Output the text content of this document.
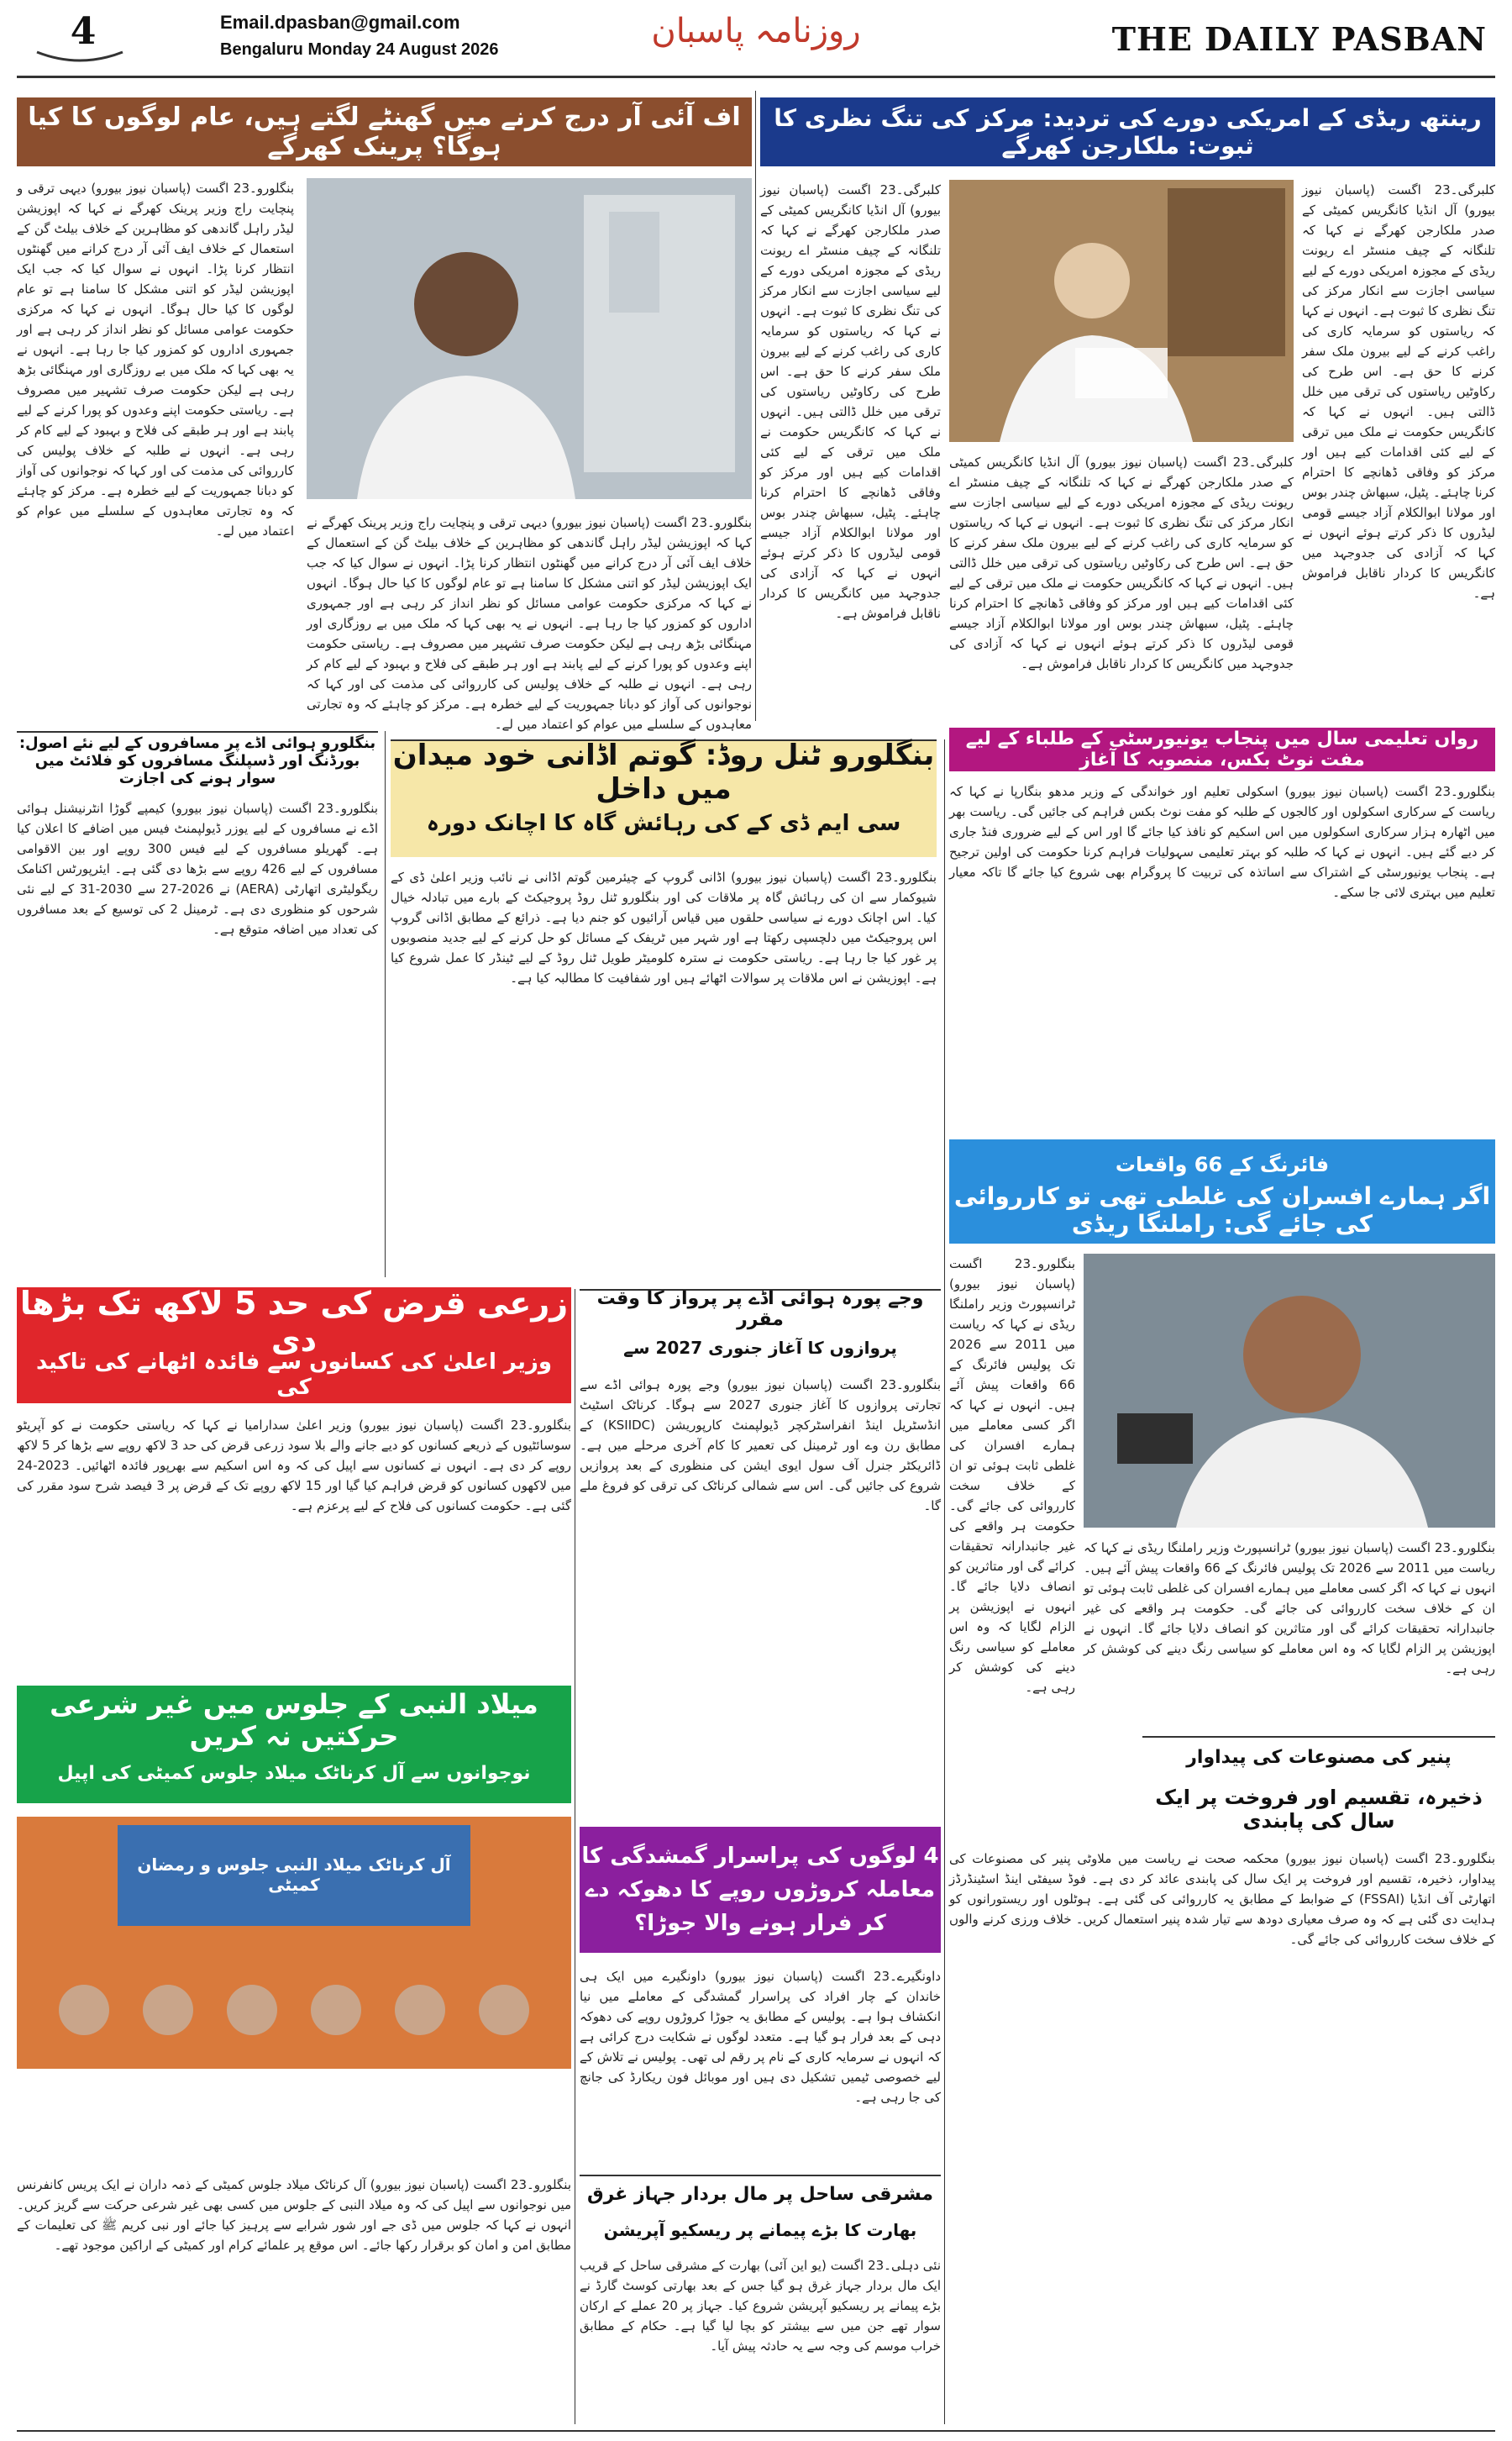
4	Email.dpasban@gmail.com
Bengaluru Monday 24 August 2026	روزنامہ پاسبان	THE DAILY PASBAN
اف آئی آر درج کرنے میں گھنٹے لگتے ہیں، عام لوگوں کا کیا ہوگا؟ پرینک کھرگے
بنگلورو۔23 اگست (پاسبان نیوز بیورو) دیہی ترقی و پنچایت راج وزیر پرینک کھرگے نے کہا کہ اپوزیشن لیڈر راہل گاندھی کو مظاہرین کے خلاف بیلٹ گن کے استعمال کے خلاف ایف آئی آر درج کرانے میں گھنٹوں انتظار کرنا پڑا۔ انہوں نے سوال کیا کہ جب ایک اپوزیشن لیڈر کو اتنی مشکل کا سامنا ہے تو عام لوگوں کا کیا حال ہوگا۔ انہوں نے کہا کہ مرکزی حکومت عوامی مسائل کو نظر انداز کر رہی ہے اور جمہوری اداروں کو کمزور کیا جا رہا ہے۔ انہوں نے یہ بھی کہا کہ ملک میں بے روزگاری اور مہنگائی بڑھ رہی ہے لیکن حکومت صرف تشہیر میں مصروف ہے۔ ریاستی حکومت اپنے وعدوں کو پورا کرنے کے لیے پابند ہے اور ہر طبقے کی فلاح و بہبود کے لیے کام کر رہی ہے۔ انہوں نے طلبہ کے خلاف پولیس کی کارروائی کی مذمت کی اور کہا کہ نوجوانوں کی آواز کو دبانا جمہوریت کے لیے خطرہ ہے۔ مرکز کو چاہئے کہ وہ تجارتی معاہدوں کے سلسلے میں عوام کو اعتماد میں لے۔
بنگلورو۔23 اگست (پاسبان نیوز بیورو) دیہی ترقی و پنچایت راج وزیر پرینک کھرگے نے کہا کہ اپوزیشن لیڈر راہل گاندھی کو مظاہرین کے خلاف بیلٹ گن کے استعمال کے خلاف ایف آئی آر درج کرانے میں گھنٹوں انتظار کرنا پڑا۔ انہوں نے سوال کیا کہ جب ایک اپوزیشن لیڈر کو اتنی مشکل کا سامنا ہے تو عام لوگوں کا کیا حال ہوگا۔ انہوں نے کہا کہ مرکزی حکومت عوامی مسائل کو نظر انداز کر رہی ہے اور جمہوری اداروں کو کمزور کیا جا رہا ہے۔ انہوں نے یہ بھی کہا کہ ملک میں بے روزگاری اور مہنگائی بڑھ رہی ہے لیکن حکومت صرف تشہیر میں مصروف ہے۔ ریاستی حکومت اپنے وعدوں کو پورا کرنے کے لیے پابند ہے اور ہر طبقے کی فلاح و بہبود کے لیے کام کر رہی ہے۔ انہوں نے طلبہ کے خلاف پولیس کی کارروائی کی مذمت کی اور کہا کہ نوجوانوں کی آواز کو دبانا جمہوریت کے لیے خطرہ ہے۔ مرکز کو چاہئے کہ وہ تجارتی معاہدوں کے سلسلے میں عوام کو اعتماد میں لے۔
رینتھ ریڈی کے امریکی دورے کی تردید: مرکز کی تنگ نظری کا ثبوت: ملکارجن کھرگے
کلبرگی۔23 اگست (پاسبان نیوز بیورو) آل انڈیا کانگریس کمیٹی کے صدر ملکارجن کھرگے نے کہا کہ تلنگانہ کے چیف منسٹر اے ریونت ریڈی کے مجوزہ امریکی دورے کے لیے سیاسی اجازت سے انکار مرکز کی تنگ نظری کا ثبوت ہے۔ انہوں نے کہا کہ ریاستوں کو سرمایہ کاری کی راغب کرنے کے لیے بیرون ملک سفر کرنے کا حق ہے۔ اس طرح کی رکاوٹیں ریاستوں کی ترقی میں خلل ڈالتی ہیں۔ انہوں نے کہا کہ کانگریس حکومت نے ملک میں ترقی کے لیے کئی اقدامات کیے ہیں اور مرکز کو وفاقی ڈھانچے کا احترام کرنا چاہئے۔ پٹیل، سبھاش چندر بوس اور مولانا ابوالکلام آزاد جیسے قومی لیڈروں کا ذکر کرتے ہوئے انہوں نے کہا کہ آزادی کی جدوجہد میں کانگریس کا کردار ناقابل فراموش ہے۔
کلبرگی۔23 اگست (پاسبان نیوز بیورو) آل انڈیا کانگریس کمیٹی کے صدر ملکارجن کھرگے نے کہا کہ تلنگانہ کے چیف منسٹر اے ریونت ریڈی کے مجوزہ امریکی دورے کے لیے سیاسی اجازت سے انکار مرکز کی تنگ نظری کا ثبوت ہے۔ انہوں نے کہا کہ ریاستوں کو سرمایہ کاری کی راغب کرنے کے لیے بیرون ملک سفر کرنے کا حق ہے۔ اس طرح کی رکاوٹیں ریاستوں کی ترقی میں خلل ڈالتی ہیں۔ انہوں نے کہا کہ کانگریس حکومت نے ملک میں ترقی کے لیے کئی اقدامات کیے ہیں اور مرکز کو وفاقی ڈھانچے کا احترام کرنا چاہئے۔ پٹیل، سبھاش چندر بوس اور مولانا ابوالکلام آزاد جیسے قومی لیڈروں کا ذکر کرتے ہوئے انہوں نے کہا کہ آزادی کی جدوجہد میں کانگریس کا کردار ناقابل فراموش ہے۔
کلبرگی۔23 اگست (پاسبان نیوز بیورو) آل انڈیا کانگریس کمیٹی کے صدر ملکارجن کھرگے نے کہا کہ تلنگانہ کے چیف منسٹر اے ریونت ریڈی کے مجوزہ امریکی دورے کے لیے سیاسی اجازت سے انکار مرکز کی تنگ نظری کا ثبوت ہے۔ انہوں نے کہا کہ ریاستوں کو سرمایہ کاری کی راغب کرنے کے لیے بیرون ملک سفر کرنے کا حق ہے۔ اس طرح کی رکاوٹیں ریاستوں کی ترقی میں خلل ڈالتی ہیں۔ انہوں نے کہا کہ کانگریس حکومت نے ملک میں ترقی کے لیے کئی اقدامات کیے ہیں اور مرکز کو وفاقی ڈھانچے کا احترام کرنا چاہئے۔ پٹیل، سبھاش چندر بوس اور مولانا ابوالکلام آزاد جیسے قومی لیڈروں کا ذکر کرتے ہوئے انہوں نے کہا کہ آزادی کی جدوجہد میں کانگریس کا کردار ناقابل فراموش ہے۔
رواں تعلیمی سال میں پنجاب یونیورسٹی کے طلباء کے لیے مفت نوٹ بکس، منصوبہ کا آغاز
بنگلورو۔23 اگست (پاسبان نیوز بیورو) اسکولی تعلیم اور خواندگی کے وزیر مدھو بنگارپا نے کہا کہ ریاست کے سرکاری اسکولوں اور کالجوں کے طلبہ کو مفت نوٹ بکس فراہم کی جائیں گی۔ ریاست بھر میں اٹھارہ ہزار سرکاری اسکولوں میں اس اسکیم کو نافذ کیا جائے گا اور اس کے لیے ضروری فنڈ جاری کر دیے گئے ہیں۔ انہوں نے کہا کہ طلبہ کو بہتر تعلیمی سہولیات فراہم کرنا حکومت کی اولین ترجیح ہے۔ پنجاب یونیورسٹی کے اشتراک سے اساتذہ کی تربیت کا پروگرام بھی شروع کیا جائے گا تاکہ معیار تعلیم میں بہتری لائی جا سکے۔
بنگلورو ٹنل روڈ: گوتم اڈانی خود میدان میں داخل
سی ایم ڈی کے کی رہائش گاہ کا اچانک دورہ
بنگلورو۔23 اگست (پاسبان نیوز بیورو) اڈانی گروپ کے چیئرمین گوتم اڈانی نے نائب وزیر اعلیٰ ڈی کے شیوکمار سے ان کی رہائش گاہ پر ملاقات کی اور بنگلورو ٹنل روڈ پروجیکٹ کے بارے میں تبادلہ خیال کیا۔ اس اچانک دورے نے سیاسی حلقوں میں قیاس آرائیوں کو جنم دیا ہے۔ ذرائع کے مطابق اڈانی گروپ اس پروجیکٹ میں دلچسپی رکھتا ہے اور شہر میں ٹریفک کے مسائل کو حل کرنے کے لیے جدید منصوبوں پر غور کیا جا رہا ہے۔ ریاستی حکومت نے سترہ کلومیٹر طویل ٹنل روڈ کے لیے ٹینڈر کا عمل شروع کیا ہے۔ اپوزیشن نے اس ملاقات پر سوالات اٹھائے ہیں اور شفافیت کا مطالبہ کیا ہے۔
بنگلورو ہوائی اڈے پر مسافروں کے لیے نئے اصول: بورڈنگ اور ڈسپلنگ مسافروں کو فلائٹ میں سوار ہونے کی اجازت
بنگلورو۔23 اگست (پاسبان نیوز بیورو) کیمپے گوڑا انٹرنیشنل ہوائی اڈے نے مسافروں کے لیے یوزر ڈیولپمنٹ فیس میں اضافے کا اعلان کیا ہے۔ گھریلو مسافروں کے لیے فیس 300 روپے اور بین الاقوامی مسافروں کے لیے 426 روپے سے بڑھا دی گئی ہے۔ ایئرپورٹس اکنامک ریگولیٹری اتھارٹی (AERA) نے 2026-27 سے 2030-31 کے لیے نئی شرحوں کو منظوری دی ہے۔ ٹرمینل 2 کی توسیع کے بعد مسافروں کی تعداد میں اضافہ متوقع ہے۔
فائرنگ کے 66 واقعات
اگر ہمارے افسران کی غلطی تھی تو کارروائی کی جائے گی: راملنگا ریڈی
بنگلورو۔23 اگست (پاسبان نیوز بیورو) ٹرانسپورٹ وزیر راملنگا ریڈی نے کہا کہ ریاست میں 2011 سے 2026 تک پولیس فائرنگ کے 66 واقعات پیش آئے ہیں۔ انہوں نے کہا کہ اگر کسی معاملے میں ہمارے افسران کی غلطی ثابت ہوئی تو ان کے خلاف سخت کارروائی کی جائے گی۔ حکومت ہر واقعے کی غیر جانبدارانہ تحقیقات کرائے گی اور متاثرین کو انصاف دلایا جائے گا۔ انہوں نے اپوزیشن پر الزام لگایا کہ وہ اس معاملے کو سیاسی رنگ دینے کی کوشش کر رہی ہے۔
بنگلورو۔23 اگست (پاسبان نیوز بیورو) ٹرانسپورٹ وزیر راملنگا ریڈی نے کہا کہ ریاست میں 2011 سے 2026 تک پولیس فائرنگ کے 66 واقعات پیش آئے ہیں۔ انہوں نے کہا کہ اگر کسی معاملے میں ہمارے افسران کی غلطی ثابت ہوئی تو ان کے خلاف سخت کارروائی کی جائے گی۔ حکومت ہر واقعے کی غیر جانبدارانہ تحقیقات کرائے گی اور متاثرین کو انصاف دلایا جائے گا۔ انہوں نے اپوزیشن پر الزام لگایا کہ وہ اس معاملے کو سیاسی رنگ دینے کی کوشش کر رہی ہے۔
زرعی قرض کی حد 5 لاکھ تک بڑھا دی
وزیر اعلیٰ کی کسانوں سے فائدہ اٹھانے کی تاکید کی
بنگلورو۔23 اگست (پاسبان نیوز بیورو) وزیر اعلیٰ سدارامیا نے کہا کہ ریاستی حکومت نے کو آپریٹو سوسائٹیوں کے ذریعے کسانوں کو دیے جانے والے بلا سود زرعی قرض کی حد 3 لاکھ روپے سے بڑھا کر 5 لاکھ روپے کر دی ہے۔ انہوں نے کسانوں سے اپیل کی کہ وہ اس اسکیم سے بھرپور فائدہ اٹھائیں۔ 2023-24 میں لاکھوں کسانوں کو قرض فراہم کیا گیا اور 15 لاکھ روپے تک کے قرض پر 3 فیصد شرح سود مقرر کی گئی ہے۔ حکومت کسانوں کی فلاح کے لیے پرعزم ہے۔
وجے پورہ ہوائی اڈے پر پرواز کا وقت مقرر
پروازوں کا آغاز جنوری 2027 سے
بنگلورو۔23 اگست (پاسبان نیوز بیورو) وجے پورہ ہوائی اڈے سے تجارتی پروازوں کا آغاز جنوری 2027 سے ہوگا۔ کرناٹک اسٹیٹ انڈسٹریل اینڈ انفراسٹرکچر ڈیولپمنٹ کارپوریشن (KSIIDC) کے مطابق رن وے اور ٹرمینل کی تعمیر کا کام آخری مرحلے میں ہے۔ ڈائریکٹر جنرل آف سول ایوی ایشن کی منظوری کے بعد پروازیں شروع کی جائیں گی۔ اس سے شمالی کرناٹک کی ترقی کو فروغ ملے گا۔
میلاد النبی کے جلوس میں غیر شرعی حرکتیں نہ کریں
نوجوانوں سے آل کرناٹک میلاد جلوس کمیٹی کی اپیل
آل کرناٹک میلاد النبی جلوس و رمضان کمیٹی
بنگلورو۔23 اگست (پاسبان نیوز بیورو) آل کرناٹک میلاد جلوس کمیٹی کے ذمہ داران نے ایک پریس کانفرنس میں نوجوانوں سے اپیل کی کہ وہ میلاد النبی کے جلوس میں کسی بھی غیر شرعی حرکت سے گریز کریں۔ انہوں نے کہا کہ جلوس میں ڈی جے اور شور شرابے سے پرہیز کیا جائے اور نبی کریم ﷺ کی تعلیمات کے مطابق امن و امان کو برقرار رکھا جائے۔ اس موقع پر علمائے کرام اور کمیٹی کے اراکین موجود تھے۔
4 لوگوں کی پراسرار گمشدگی کا معاملہ کروڑوں روپے کا دھوکہ دے کر فرار ہونے والا جوڑا؟
داونگیرے۔23 اگست (پاسبان نیوز بیورو) داونگیرے میں ایک ہی خاندان کے چار افراد کی پراسرار گمشدگی کے معاملے میں نیا انکشاف ہوا ہے۔ پولیس کے مطابق یہ جوڑا کروڑوں روپے کی دھوکہ دہی کے بعد فرار ہو گیا ہے۔ متعدد لوگوں نے شکایت درج کرائی ہے کہ انہوں نے سرمایہ کاری کے نام پر رقم لی تھی۔ پولیس نے تلاش کے لیے خصوصی ٹیمیں تشکیل دی ہیں اور موبائل فون ریکارڈ کی جانچ کی جا رہی ہے۔
مشرقی ساحل پر مال بردار جہاز غرق
بھارت کا بڑے پیمانے پر ریسکیو آپریشن
نئی دہلی۔23 اگست (یو این آئی) بھارت کے مشرقی ساحل کے قریب ایک مال بردار جہاز غرق ہو گیا جس کے بعد بھارتی کوسٹ گارڈ نے بڑے پیمانے پر ریسکیو آپریشن شروع کیا۔ جہاز پر 20 عملے کے ارکان سوار تھے جن میں سے بیشتر کو بچا لیا گیا ہے۔ حکام کے مطابق خراب موسم کی وجہ سے یہ حادثہ پیش آیا۔
پنیر کی مصنوعات کی پیداوار
ذخیرہ، تقسیم اور فروخت پر ایک سال کی پابندی
بنگلورو۔23 اگست (پاسبان نیوز بیورو) محکمہ صحت نے ریاست میں ملاوٹی پنیر کی مصنوعات کی پیداوار، ذخیرہ، تقسیم اور فروخت پر ایک سال کی پابندی عائد کر دی ہے۔ فوڈ سیفٹی اینڈ اسٹینڈرڈز اتھارٹی آف انڈیا (FSSAI) کے ضوابط کے مطابق یہ کارروائی کی گئی ہے۔ ہوٹلوں اور ریستورانوں کو ہدایت دی گئی ہے کہ وہ صرف معیاری دودھ سے تیار شدہ پنیر استعمال کریں۔ خلاف ورزی کرنے والوں کے خلاف سخت کارروائی کی جائے گی۔
